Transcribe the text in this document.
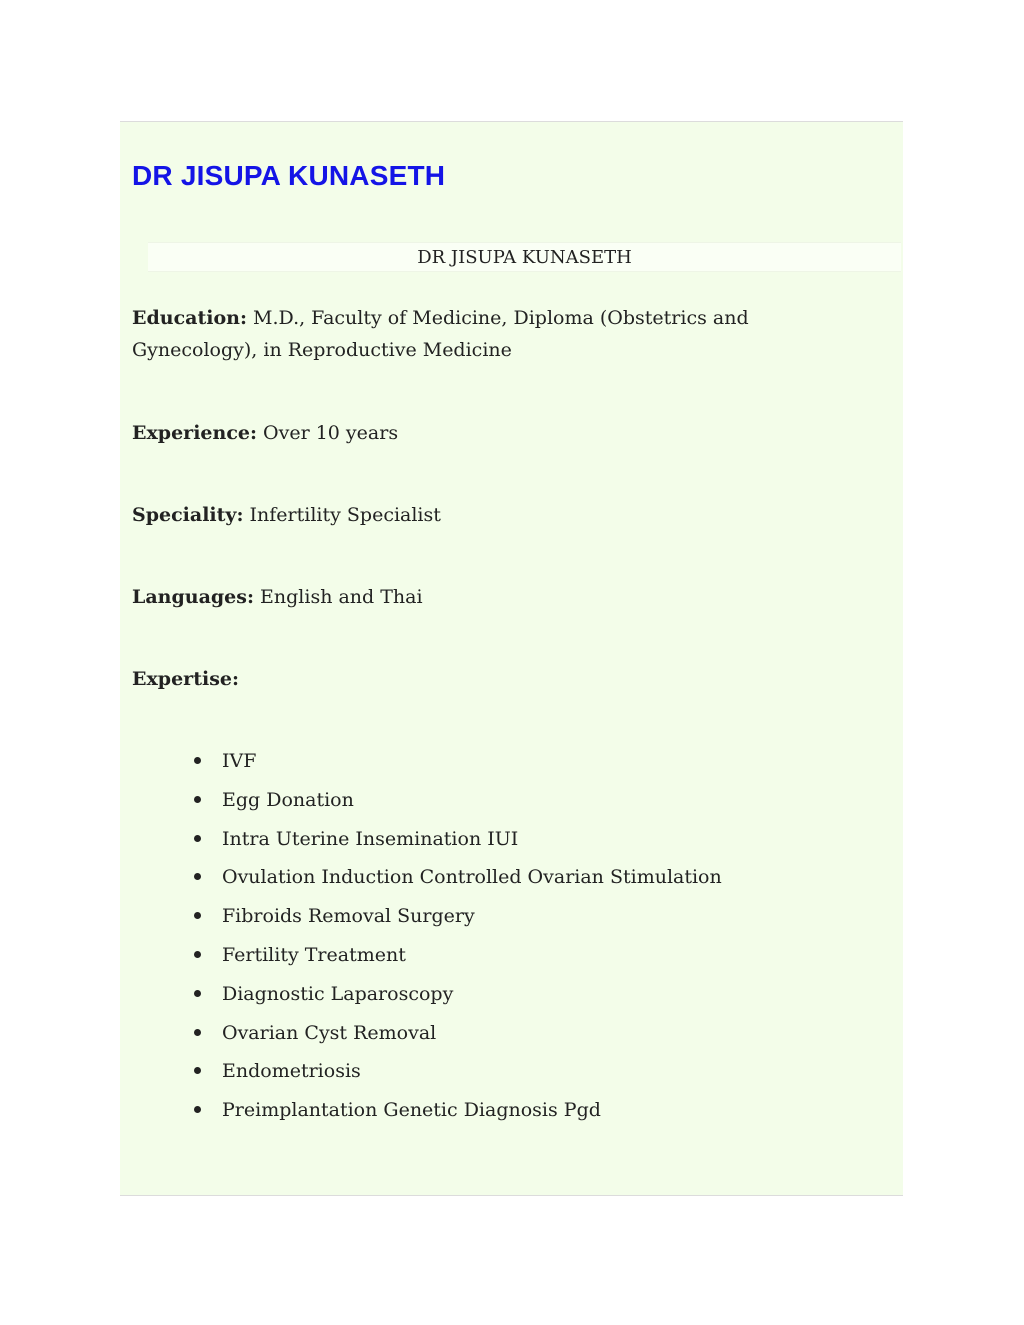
DR JISUPA KUNASETH
DR JISUPA KUNASETH

Education: M.D., Faculty of Medicine, Diploma (Obstetrics and Gynecology), in Reproductive Medicine

Experience: Over 10 years

Speciality: Infertility Specialist

Languages: English and Thai

Expertise:

IVF
Egg Donation
Intra Uterine Insemination IUI
Ovulation Induction Controlled Ovarian Stimulation
Fibroids Removal Surgery
Fertility Treatment
Diagnostic Laparoscopy
Ovarian Cyst Removal
Endometriosis
Preimplantation Genetic Diagnosis Pgd
